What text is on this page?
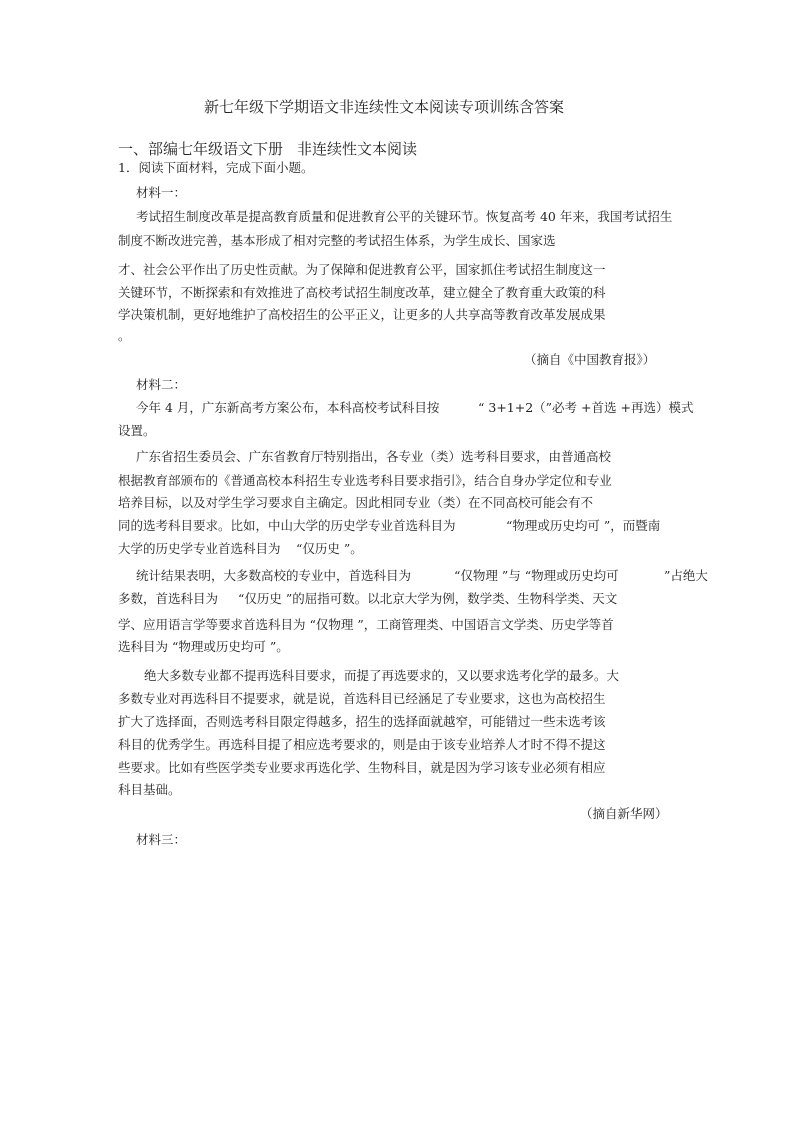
新七年级下学期语文非连续性文本阅读专项训练含答案
一、部编七年级语文下册 非连续性文本阅读
1．阅读下面材料，完成下面小题。
材料一：
考试招生制度改革是提高教育质量和促进教育公平的关键环节。恢复高考 40 年来，我国考试招生
制度不断改进完善，基本形成了相对完整的考试招生体系，为学生成长、国家选
才、社会公平作出了历史性贡献。为了保障和促进教育公平，国家抓住考试招生制度这一
关键环节，不断探索和有效推进了高校考试招生制度改革，建立健全了教育重大政策的科
学决策机制，更好地维护了高校招生的公平正义，让更多的人共享高等教育改革发展成果
。
（摘自《中国教育报》）
材料二：
今年 4 月，广东新高考方案公布，本科高校考试科目按	“ 3+1+2（”必考 +首选 +再选）模式
设置。
广东省招生委员会、广东省教育厅特别指出，各专业（类）选考科目要求，由普通高校
根据教育部颁布的《普通高校本科招生专业选考科目要求指引》，结合自身办学定位和专业
培养目标，以及对学生学习要求自主确定。因此相同专业（类）在不同高校可能会有不
同的选考科目要求。比如，中山大学的历史学专业首选科目为	“物理或历史均可 ”，而暨南
大学的历史学专业首选科目为 “仅历史 ”。
统计结果表明，大多数高校的专业中，首选科目为	“仅物理 ”与 “物理或历史均可	”占绝大
多数，首选科目为 “仅历史 ”的屈指可数。以北京大学为例，数学类、生物科学类、天文
学、应用语言学等要求首选科目为 “仅物理 ”，工商管理类、中国语言文学类、历史学等首
选科目为 “物理或历史均可 ”。
绝大多数专业都不提再选科目要求，而提了再选要求的，又以要求选考化学的最多。大
多数专业对再选科目不提要求，就是说，首选科目已经涵足了专业要求，这也为高校招生
扩大了选择面，否则选考科目限定得越多，招生的选择面就越窄，可能错过一些未选考该
科目的优秀学生。再选科目提了相应选考要求的，则是由于该专业培养人才时不得不提这
些要求。比如有些医学类专业要求再选化学、生物科目，就是因为学习该专业必须有相应
科目基础。
（摘自新华网）
材料三：
